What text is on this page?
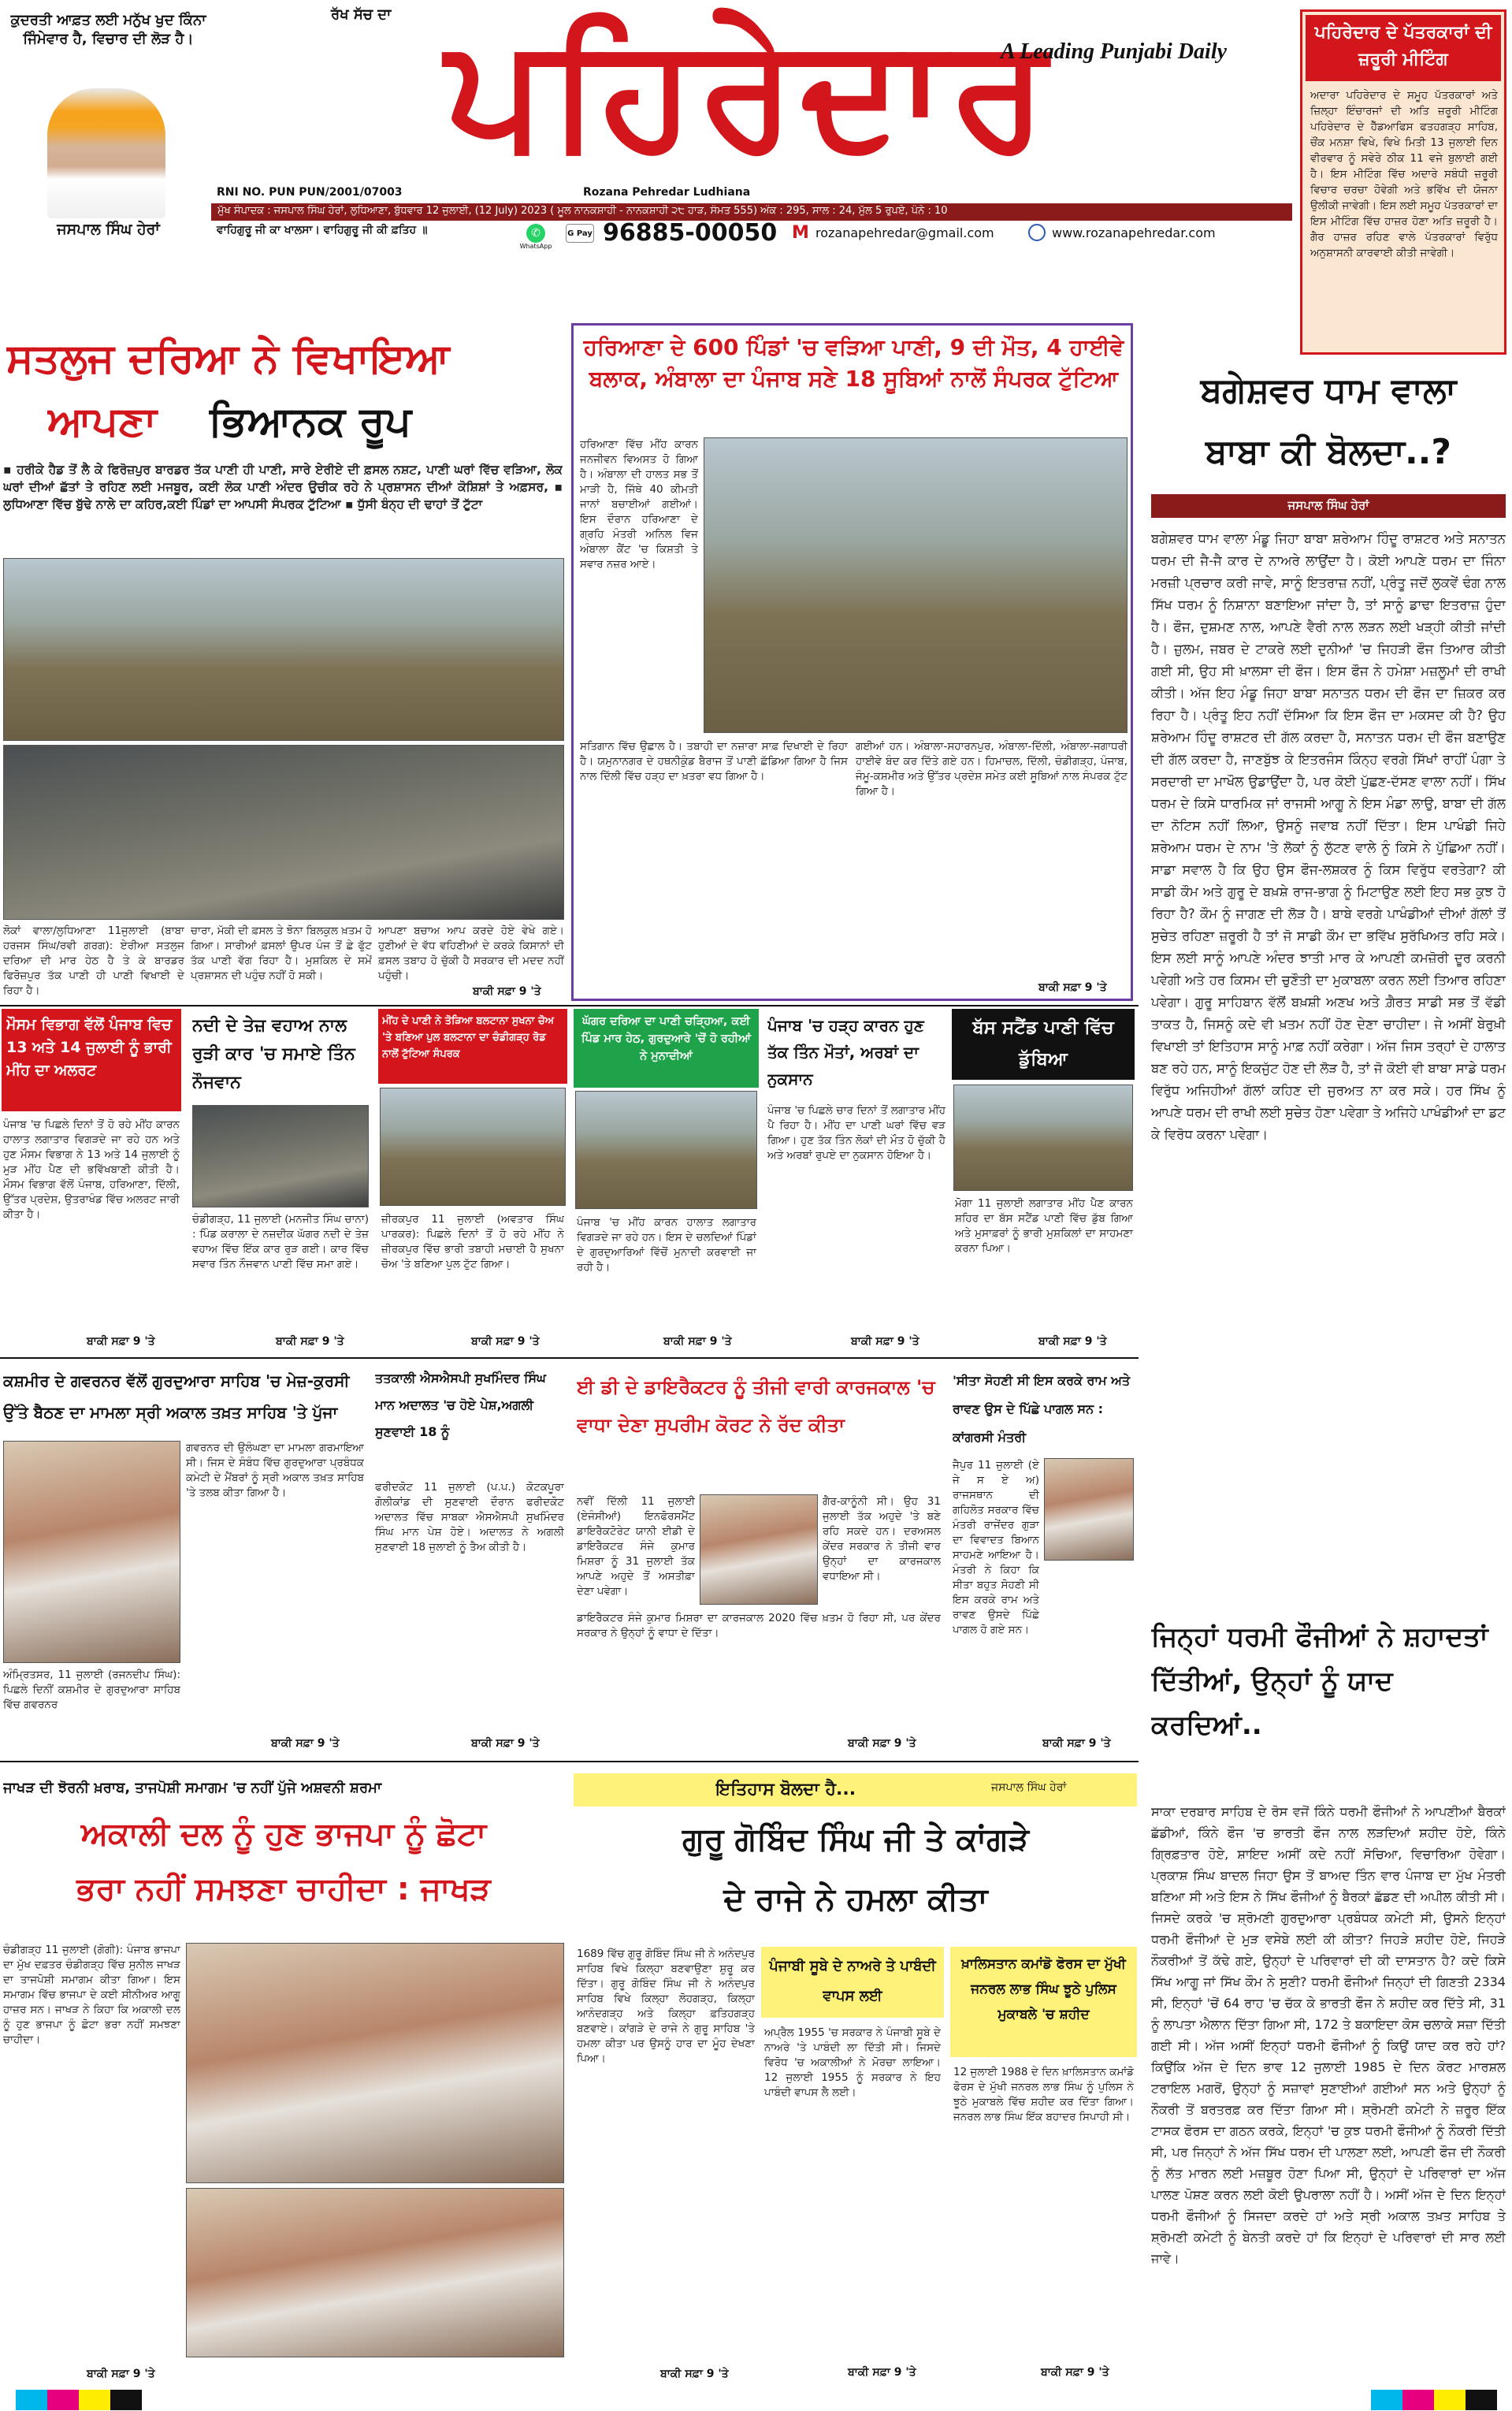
ਕੁਦਰਤੀ ਆਫ਼ਤ ਲਈ ਮਨੁੱਖ ਖੁਦ ਕਿੰਨਾ ਜਿੰਮੇਵਾਰ ਹੈ, ਵਿਚਾਰ ਦੀ ਲੋੜ ਹੈ।
ਜਸਪਾਲ ਸਿੰਘ ਹੇਰਾਂ
ਰੱਖ ਸੱਚ ਦਾ ਪਹਿਰੇਦਾਰ
A Leading Punjabi Daily
RNI NO. PUN PUN/2001/07003	Rozana Pehredar Ludhiana
ਮੁੱਖ ਸੰਪਾਦਕ : ਜਸਪਾਲ ਸਿੰਘ ਹੇਰਾਂ, ਲੁਧਿਆਣਾ, ਬੁੱਧਵਾਰ 12 ਜੁਲਾਈ, (12 July) 2023 ( ਮੂਲ ਨਾਨਕਸ਼ਾਹੀ - ਨਾਨਕਸ਼ਾਹੀ ੨੮ ਹਾੜ, ਸੰਮਤ 555) ਅੰਕ : 295, ਸਾਲ : 24, ਮੁੱਲ 5 ਰੁਪਏ, ਪੰਨੇ : 10
ਵਾਹਿਗੁਰੂ ਜੀ ਕਾ ਖਾਲਸਾ। ਵਾਹਿਗੁਰੂ ਜੀ ਕੀ ਫ਼ਤਿਹ ॥	✆
WhatsApp
G Pay 96885-00050 M rozanapehredar@gmail.com	www.rozanapehredar.com
ਪਹਿਰੇਦਾਰ ਦੇ ਪੱਤਰਕਾਰਾਂ ਦੀ ਜ਼ਰੂਰੀ ਮੀਟਿੰਗ
ਅਦਾਰਾ ਪਹਿਰੇਦਾਰ ਦੇ ਸਮੂਹ ਪੱਤਰਕਾਰਾਂ ਅਤੇ ਜ਼ਿਲ੍ਹਾ ਇੰਚਾਰਜਾਂ ਦੀ ਅਤਿ ਜ਼ਰੂਰੀ ਮੀਟਿੰਗ ਪਹਿਰੇਦਾਰ ਦੇ ਹੈੱਡਆਫਿਸ ਫਤਹਗੜ੍ਹ ਸਾਹਿਬ, ਚੌਂਕ ਮਨਸ਼ਾ ਵਿਖੇ, ਵਿਖੇ ਮਿਤੀ 13 ਜੁਲਾਈ ਦਿਨ ਵੀਰਵਾਰ ਨੂੰ ਸਵੇਰੇ ਠੀਕ 11 ਵਜੇ ਬੁਲਾਈ ਗਈ ਹੈ। ਇਸ ਮੀਟਿੰਗ ਵਿੱਚ ਅਦਾਰੇ ਸਬੰਧੀ ਜ਼ਰੂਰੀ ਵਿਚਾਰ ਚਰਚਾ ਹੋਵੇਗੀ ਅਤੇ ਭਵਿੱਖ ਦੀ ਯੋਜਨਾ ਉਲੀਕੀ ਜਾਵੇਗੀ। ਇਸ ਲਈ ਸਮੂਹ ਪੱਤਰਕਾਰਾਂ ਦਾ ਇਸ ਮੀਟਿੰਗ ਵਿੱਚ ਹਾਜ਼ਰ ਹੋਣਾ ਅਤਿ ਜ਼ਰੂਰੀ ਹੈ। ਗੈਰ ਹਾਜ਼ਰ ਰਹਿਣ ਵਾਲੇ ਪੱਤਰਕਾਰਾਂ ਵਿਰੁੱਧ ਅਨੁਸ਼ਾਸਨੀ ਕਾਰਵਾਈ ਕੀਤੀ ਜਾਵੇਗੀ।
ਸਤਲੁਜ ਦਰਿਆ ਨੇ ਵਿਖਾਇਆ
ਆਪਣਾ	ਭਿਆਨਕ ਰੂਪ
▪ ਹਰੀਕੇ ਹੈਡ ਤੋਂ ਲੈ ਕੇ ਫਿਰੋਜ਼ਪੁਰ ਬਾਰਡਰ ਤੱਕ ਪਾਣੀ ਹੀ ਪਾਣੀ, ਸਾਰੇ ਏਰੀਏ ਦੀ ਫ਼ਸਲ ਨਸ਼ਟ, ਪਾਣੀ ਘਰਾਂ ਵਿੱਚ ਵੜਿਆ, ਲੋਕ ਘਰਾਂ ਦੀਆਂ ਛੱਤਾਂ ਤੇ ਰਹਿਣ ਲਈ ਮਜਬੂਰ, ਕਈ ਲੋਕ ਪਾਣੀ ਅੰਦਰ ਉਚੀਕ ਰਹੇ ਨੇ ਪ੍ਰਸ਼ਾਸਨ ਦੀਆਂ ਕੋਸ਼ਿਸ਼ਾਂ ਤੇ ਅਫ਼ਸਰ, ▪ ਲੁਧਿਆਣਾ ਵਿੱਚ ਬੁੱਢੇ ਨਾਲੇ ਦਾ ਕਹਿਰ,ਕਈ ਪਿੰਡਾਂ ਦਾ ਆਪਸੀ ਸੰਪਰਕ ਟੁੱਟਿਆ ▪ ਧੁੱਸੀ ਬੰਨ੍ਹ ਦੀ ਢਾਹਾਂ ਤੋਂ ਟੁੱਟਾ
ਲੋਕਾਂ ਵਾਲਾ/ਲੁਧਿਆਣਾ 11ਜੁਲਾਈ (ਬਾਬਾ ਹਰਜਸ ਸਿੰਘ/ਰਵੀ ਗਰਗ): ਏਰੀਆ ਸਤਲੁਜ ਦਰਿਆ ਦੀ ਮਾਰ ਹੇਠ ਹੈ ਤੇ ਕੇ ਬਾਰਡਰ ਫਿਰੋਜ਼ਪੁਰ ਤੱਕ ਪਾਣੀ ਹੀ ਪਾਣੀ ਵਿਖਾਈ ਦੇ ਰਿਹਾ ਹੈ।
ਚਾਰਾ, ਮੱਕੀ ਦੀ ਫ਼ਸਲ ਤੇ ਝੋਨਾ ਬਿਲਕੁਲ ਖ਼ਤਮ ਹੋ ਗਿਆ। ਸਾਰੀਆਂ ਫ਼ਸਲਾਂ ਉਪਰ ਪੰਜ ਤੋਂ ਛੇ ਫੁੱਟ ਤੱਕ ਪਾਣੀ ਵੱਗ ਰਿਹਾ ਹੈ। ਮੁਸ਼ਕਿਲ ਦੇ ਸਮੇਂ ਪ੍ਰਸ਼ਾਸਨ ਦੀ ਪਹੁੰਚ ਨਹੀਂ ਹੋ ਸਕੀ।
ਆਪਣਾ ਬਚਾਅ ਆਪ ਕਰਦੇ ਹੋਏ ਵੇਖੇ ਗਏ। ਹੁਣੀਆਂ ਦੇ ਵੱਧ ਵਹਿਣੀਆਂ ਦੇ ਕਰਕੇ ਕਿਸਾਨਾਂ ਦੀ ਫ਼ਸਲ ਤਬਾਹ ਹੋ ਚੁੱਕੀ ਹੈ ਸਰਕਾਰ ਦੀ ਮਦਦ ਨਹੀਂ ਪਹੁੰਚੀ।
ਬਾਕੀ ਸਫ਼ਾ 9 'ਤੇ
ਹਰਿਆਣਾ ਦੇ 600 ਪਿੰਡਾਂ 'ਚ ਵੜਿਆ ਪਾਣੀ, 9 ਦੀ ਮੌਤ, 4 ਹਾਈਵੇ ਬਲਾਕ, ਅੰਬਾਲਾ ਦਾ ਪੰਜਾਬ ਸਣੇ 18 ਸੂਬਿਆਂ ਨਾਲੋਂ ਸੰਪਰਕ ਟੁੱਟਿਆ
ਹਰਿਆਣਾ ਵਿੱਚ ਮੀਂਹ ਕਾਰਨ ਜਨਜੀਵਨ ਵਿਅਸਤ ਹੋ ਗਿਆ ਹੈ। ਅੰਬਾਲਾ ਦੀ ਹਾਲਤ ਸਭ ਤੋਂ ਮਾੜੀ ਹੈ, ਜਿੱਥੇ 40 ਕੀਮਤੀ ਜਾਨਾਂ ਬਚਾਈਆਂ ਗਈਆਂ। ਇਸ ਦੌਰਾਨ ਹਰਿਆਣਾ ਦੇ ਗ੍ਰਹਿ ਮੰਤਰੀ ਅਨਿਲ ਵਿਜ ਅੰਬਾਲਾ ਕੈਂਟ 'ਚ ਕਿਸ਼ਤੀ ਤੇ ਸਵਾਰ ਨਜ਼ਰ ਆਏ।
ਸਤਿਗਾਨ ਵਿੱਚ ਉਛਾਲ ਹੈ। ਤਬਾਹੀ ਦਾ ਨਜ਼ਾਰਾ ਸਾਫ਼ ਦਿਖਾਈ ਦੇ ਰਿਹਾ ਹੈ। ਯਮੁਨਾਨਗਰ ਦੇ ਹਥਨੀਕੁੰਡ ਬੈਰਾਜ ਤੋਂ ਪਾਣੀ ਛੱਡਿਆ ਗਿਆ ਹੈ ਜਿਸ ਨਾਲ ਦਿੱਲੀ ਵਿੱਚ ਹੜ੍ਹ ਦਾ ਖ਼ਤਰਾ ਵਧ ਗਿਆ ਹੈ।
ਗਈਆਂ ਹਨ। ਅੰਬਾਲਾ-ਸਹਾਰਨਪੁਰ, ਅੰਬਾਲਾ-ਦਿੱਲੀ, ਅੰਬਾਲਾ-ਜਗਾਧਰੀ ਹਾਈਵੇ ਬੰਦ ਕਰ ਦਿੱਤੇ ਗਏ ਹਨ। ਹਿਮਾਚਲ, ਦਿੱਲੀ, ਚੰਡੀਗੜ੍ਹ, ਪੰਜਾਬ, ਜੰਮੂ-ਕਸ਼ਮੀਰ ਅਤੇ ਉੱਤਰ ਪ੍ਰਦੇਸ਼ ਸਮੇਤ ਕਈ ਸੂਬਿਆਂ ਨਾਲ ਸੰਪਰਕ ਟੁੱਟ ਗਿਆ ਹੈ।
ਬਾਕੀ ਸਫ਼ਾ 9 'ਤੇ
ਬਗੇਸ਼ਵਰ ਧਾਮ ਵਾਲਾ
ਬਾਬਾ ਕੀ ਬੋਲਦਾ..?
ਜਸਪਾਲ ਸਿੰਘ ਹੇਰਾਂ
ਬਗੇਸ਼ਵਰ ਧਾਮ ਵਾਲਾ ਮੰਡੂ ਜਿਹਾ ਬਾਬਾ ਸ਼ਰੇਆਮ ਹਿੰਦੂ ਰਾਸ਼ਟਰ ਅਤੇ ਸਨਾਤਨ ਧਰਮ ਦੀ ਜੈ-ਜੈ ਕਾਰ ਦੇ ਨਾਅਰੇ ਲਾਉਂਦਾ ਹੈ। ਕੋਈ ਆਪਣੇ ਧਰਮ ਦਾ ਜਿੰਨਾ ਮਰਜ਼ੀ ਪ੍ਰਚਾਰ ਕਰੀ ਜਾਵੇ, ਸਾਨੂੰ ਇਤਰਾਜ਼ ਨਹੀਂ, ਪ੍ਰੰਤੂ ਜਦੋਂ ਲੁਕਵੇਂ ਢੰਗ ਨਾਲ ਸਿੱਖ ਧਰਮ ਨੂੰ ਨਿਸ਼ਾਨਾ ਬਣਾਇਆ ਜਾਂਦਾ ਹੈ, ਤਾਂ ਸਾਨੂੰ ਡਾਢਾ ਇਤਰਾਜ਼ ਹੁੰਦਾ ਹੈ। ਫੌਜ, ਦੁਸ਼ਮਣ ਨਾਲ, ਆਪਣੇ ਵੈਰੀ ਨਾਲ ਲੜਨ ਲਈ ਖੜ੍ਹੀ ਕੀਤੀ ਜਾਂਦੀ ਹੈ। ਜ਼ੁਲਮ, ਜਬਰ ਦੇ ਟਾਕਰੇ ਲਈ ਦੁਨੀਆਂ 'ਚ ਜਿਹੜੀ ਫੌਜ ਤਿਆਰ ਕੀਤੀ ਗਈ ਸੀ, ਉਹ ਸੀ ਖ਼ਾਲਸਾ ਦੀ ਫੌਜ। ਇਸ ਫੌਜ ਨੇ ਹਮੇਸ਼ਾ ਮਜ਼ਲੂਮਾਂ ਦੀ ਰਾਖੀ ਕੀਤੀ। ਅੱਜ ਇਹ ਮੰਡੂ ਜਿਹਾ ਬਾਬਾ ਸਨਾਤਨ ਧਰਮ ਦੀ ਫੌਜ ਦਾ ਜ਼ਿਕਰ ਕਰ ਰਿਹਾ ਹੈ। ਪ੍ਰੰਤੂ ਇਹ ਨਹੀਂ ਦੱਸਿਆ ਕਿ ਇਸ ਫੌਜ ਦਾ ਮਕਸਦ ਕੀ ਹੈ? ਉਹ ਸ਼ਰੇਆਮ ਹਿੰਦੂ ਰਾਸ਼ਟਰ ਦੀ ਗੱਲ ਕਰਦਾ ਹੈ, ਸਨਾਤਨ ਧਰਮ ਦੀ ਫੌਜ ਬਣਾਉਣ ਦੀ ਗੱਲ ਕਰਦਾ ਹੈ, ਜਾਣਬੁੱਝ ਕੇ ਇਤਰਜੰਸ ਕਿੰਨ੍ਹ ਵਰਗੇ ਸਿੱਖਾਂ ਰਾਹੀਂ ਪੰਗਾ ਤੇ ਸਰਦਾਰੀ ਦਾ ਮਾਖੌਲ ਉਡਾਉਂਦਾ ਹੈ, ਪਰ ਕੋਈ ਪੁੱਛਣ-ਦੱਸਣ ਵਾਲਾ ਨਹੀਂ। ਸਿੱਖ ਧਰਮ ਦੇ ਕਿਸੇ ਧਾਰਮਿਕ ਜਾਂ ਰਾਜਸੀ ਆਗੂ ਨੇ ਇਸ ਮੰਡਾ ਲਾਉ, ਬਾਬਾ ਦੀ ਗੱਲ ਦਾ ਨੋਟਿਸ ਨਹੀਂ ਲਿਆ, ਉਸਨੂੰ ਜਵਾਬ ਨਹੀਂ ਦਿੱਤਾ। ਇਸ ਪਾਖੰਡੀ ਜਿਹੇ ਸ਼ਰੇਆਮ ਧਰਮ ਦੇ ਨਾਮ 'ਤੇ ਲੋਕਾਂ ਨੂੰ ਲੁੱਟਣ ਵਾਲੇ ਨੂੰ ਕਿਸੇ ਨੇ ਪੁੱਛਿਆ ਨਹੀਂ। ਸਾਡਾ ਸਵਾਲ ਹੈ ਕਿ ਉਹ ਉਸ ਫੌਜ-ਲਸ਼ਕਰ ਨੂੰ ਕਿਸ ਵਿਰੁੱਧ ਵਰਤੇਗਾ? ਕੀ ਸਾਡੀ ਕੌਮ ਅਤੇ ਗੁਰੂ ਦੇ ਬਖ਼ਸ਼ੇ ਰਾਜ-ਭਾਗ ਨੂੰ ਮਿਟਾਉਣ ਲਈ ਇਹ ਸਭ ਕੁਝ ਹੋ ਰਿਹਾ ਹੈ? ਕੌਮ ਨੂੰ ਜਾਗਣ ਦੀ ਲੋੜ ਹੈ। ਬਾਬੇ ਵਰਗੇ ਪਾਖੰਡੀਆਂ ਦੀਆਂ ਗੱਲਾਂ ਤੋਂ ਸੁਚੇਤ ਰਹਿਣਾ ਜ਼ਰੂਰੀ ਹੈ ਤਾਂ ਜੋ ਸਾਡੀ ਕੌਮ ਦਾ ਭਵਿੱਖ ਸੁਰੱਖਿਅਤ ਰਹਿ ਸਕੇ। ਇਸ ਲਈ ਸਾਨੂੰ ਆਪਣੇ ਅੰਦਰ ਝਾਤੀ ਮਾਰ ਕੇ ਆਪਣੀ ਕਮਜ਼ੋਰੀ ਦੂਰ ਕਰਨੀ ਪਵੇਗੀ ਅਤੇ ਹਰ ਕਿਸਮ ਦੀ ਚੁਣੌਤੀ ਦਾ ਮੁਕਾਬਲਾ ਕਰਨ ਲਈ ਤਿਆਰ ਰਹਿਣਾ ਪਵੇਗਾ। ਗੁਰੂ ਸਾਹਿਬਾਨ ਵੱਲੋਂ ਬਖ਼ਸ਼ੀ ਅਣਖ ਅਤੇ ਗ਼ੈਰਤ ਸਾਡੀ ਸਭ ਤੋਂ ਵੱਡੀ ਤਾਕਤ ਹੈ, ਜਿਸਨੂੰ ਕਦੇ ਵੀ ਖ਼ਤਮ ਨਹੀਂ ਹੋਣ ਦੇਣਾ ਚਾਹੀਦਾ। ਜੇ ਅਸੀਂ ਬੇਰੁਖ਼ੀ ਵਿਖਾਈ ਤਾਂ ਇਤਿਹਾਸ ਸਾਨੂੰ ਮਾਫ਼ ਨਹੀਂ ਕਰੇਗਾ। ਅੱਜ ਜਿਸ ਤਰ੍ਹਾਂ ਦੇ ਹਾਲਾਤ ਬਣ ਰਹੇ ਹਨ, ਸਾਨੂੰ ਇਕਜੁੱਟ ਹੋਣ ਦੀ ਲੋੜ ਹੈ, ਤਾਂ ਜੋ ਕੋਈ ਵੀ ਬਾਬਾ ਸਾਡੇ ਧਰਮ ਵਿਰੁੱਧ ਅਜਿਹੀਆਂ ਗੱਲਾਂ ਕਹਿਣ ਦੀ ਜੁਰਅਤ ਨਾ ਕਰ ਸਕੇ। ਹਰ ਸਿੱਖ ਨੂੰ ਆਪਣੇ ਧਰਮ ਦੀ ਰਾਖੀ ਲਈ ਸੁਚੇਤ ਹੋਣਾ ਪਵੇਗਾ ਤੇ ਅਜਿਹੇ ਪਾਖੰਡੀਆਂ ਦਾ ਡਟ ਕੇ ਵਿਰੋਧ ਕਰਨਾ ਪਵੇਗਾ।
ਮੌਸਮ ਵਿਭਾਗ ਵੱਲੋਂ ਪੰਜਾਬ ਵਿਚ 13 ਅਤੇ 14 ਜੁਲਾਈ ਨੂੰ ਭਾਰੀ ਮੀਂਹ ਦਾ ਅਲਰਟ
ਪੰਜਾਬ 'ਚ ਪਿਛਲੇ ਦਿਨਾਂ ਤੋਂ ਹੋ ਰਹੇ ਮੀਂਹ ਕਾਰਨ ਹਾਲਾਤ ਲਗਾਤਾਰ ਵਿਗੜਦੇ ਜਾ ਰਹੇ ਹਨ ਅਤੇ ਹੁਣ ਮੌਸਮ ਵਿਭਾਗ ਨੇ 13 ਅਤੇ 14 ਜੁਲਾਈ ਨੂੰ ਮੁੜ ਮੀਂਹ ਪੈਣ ਦੀ ਭਵਿੱਖਬਾਣੀ ਕੀਤੀ ਹੈ। ਮੌਸਮ ਵਿਭਾਗ ਵੱਲੋਂ ਪੰਜਾਬ, ਹਰਿਆਣਾ, ਦਿੱਲੀ, ਉੱਤਰ ਪ੍ਰਦੇਸ਼, ਉਤਰਾਖੰਡ ਵਿੱਚ ਅਲਰਟ ਜਾਰੀ ਕੀਤਾ ਹੈ।
ਬਾਕੀ ਸਫ਼ਾ 9 'ਤੇ
ਨਦੀ ਦੇ ਤੇਜ਼ ਵਹਾਅ ਨਾਲ ਰੁੜੀ ਕਾਰ 'ਚ ਸਮਾਏ ਤਿੰਨ ਨੌਜਵਾਨ
ਚੰਡੀਗੜ੍ਹ, 11 ਜੁਲਾਈ (ਮਨਜੀਤ ਸਿੰਘ ਚਾਨਾ) : ਪਿੰਡ ਕਰਾਲਾ ਦੇ ਨਜ਼ਦੀਕ ਘੱਗਰ ਨਦੀ ਦੇ ਤੇਜ਼ ਵਹਾਅ ਵਿੱਚ ਇੱਕ ਕਾਰ ਰੁੜ ਗਈ। ਕਾਰ ਵਿੱਚ ਸਵਾਰ ਤਿੰਨ ਨੌਜਵਾਨ ਪਾਣੀ ਵਿੱਚ ਸਮਾ ਗਏ।
ਬਾਕੀ ਸਫ਼ਾ 9 'ਤੇ
ਮੀਂਹ ਦੇ ਪਾਣੀ ਨੇ ਤੋੜਿਆ ਬਲਟਾਨਾ ਸੁਖਨਾ ਚੋਅ 'ਤੇ ਬਣਿਆ ਪੁਲ ਬਲਟਾਨਾ ਦਾ ਚੰਡੀਗੜ੍ਹ ਰੋਡ ਨਾਲੋਂ ਟੁੱਟਿਆ ਸੰਪਰਕ
ਜ਼ੀਰਕਪੁਰ 11 ਜੁਲਾਈ (ਅਵਤਾਰ ਸਿੰਘ ਪਾਰਕਰ): ਪਿਛਲੇ ਦਿਨਾਂ ਤੋਂ ਹੋ ਰਹੇ ਮੀਂਹ ਨੇ ਜ਼ੀਰਕਪੁਰ ਵਿੱਚ ਭਾਰੀ ਤਬਾਹੀ ਮਚਾਈ ਹੈ ਸੁਖਨਾ ਚੋਅ 'ਤੇ ਬਣਿਆ ਪੁਲ ਟੁੱਟ ਗਿਆ।
ਬਾਕੀ ਸਫ਼ਾ 9 'ਤੇ
ਘੱਗਰ ਦਰਿਆ ਦਾ ਪਾਣੀ ਚੜ੍ਹਿਆ, ਕਈ ਪਿੰਡ ਮਾਰ ਹੇਠ, ਗੁਰਦੁਆਰੇ 'ਚੋਂ ਹੋ ਰਹੀਆਂ ਨੇ ਮੁਨਾਦੀਆਂ
ਪੰਜਾਬ 'ਚ ਮੀਂਹ ਕਾਰਨ ਹਾਲਾਤ ਲਗਾਤਾਰ ਵਿਗੜਦੇ ਜਾ ਰਹੇ ਹਨ। ਇਸ ਦੇ ਚਲਦਿਆਂ ਪਿੰਡਾਂ ਦੇ ਗੁਰਦੁਆਰਿਆਂ ਵਿੱਚੋਂ ਮੁਨਾਦੀ ਕਰਵਾਈ ਜਾ ਰਹੀ ਹੈ।
ਬਾਕੀ ਸਫ਼ਾ 9 'ਤੇ
ਪੰਜਾਬ 'ਚ ਹੜ੍ਹ ਕਾਰਨ ਹੁਣ ਤੱਕ ਤਿੰਨ ਮੌਤਾਂ, ਅਰਬਾਂ ਦਾ ਨੁਕਸਾਨ
ਪੰਜਾਬ 'ਚ ਪਿਛਲੇ ਚਾਰ ਦਿਨਾਂ ਤੋਂ ਲਗਾਤਾਰ ਮੀਂਹ ਪੈ ਰਿਹਾ ਹੈ। ਮੀਂਹ ਦਾ ਪਾਣੀ ਘਰਾਂ ਵਿੱਚ ਵੜ ਗਿਆ। ਹੁਣ ਤੱਕ ਤਿੰਨ ਲੋਕਾਂ ਦੀ ਮੌਤ ਹੋ ਚੁੱਕੀ ਹੈ ਅਤੇ ਅਰਬਾਂ ਰੁਪਏ ਦਾ ਨੁਕਸਾਨ ਹੋਇਆ ਹੈ।
ਬਾਕੀ ਸਫ਼ਾ 9 'ਤੇ
ਬੱਸ ਸਟੈਂਡ ਪਾਣੀ ਵਿੱਚ ਡੁੱਬਿਆ
ਮੋਗਾ 11 ਜੁਲਾਈ ਲਗਾਤਾਰ ਮੀਂਹ ਪੈਣ ਕਾਰਨ ਸ਼ਹਿਰ ਦਾ ਬੱਸ ਸਟੈਂਡ ਪਾਣੀ ਵਿੱਚ ਡੁੱਬ ਗਿਆ ਅਤੇ ਮੁਸਾਫ਼ਰਾਂ ਨੂੰ ਭਾਰੀ ਮੁਸ਼ਕਿਲਾਂ ਦਾ ਸਾਹਮਣਾ ਕਰਨਾ ਪਿਆ।
ਬਾਕੀ ਸਫ਼ਾ 9 'ਤੇ
ਕਸ਼ਮੀਰ ਦੇ ਗਵਰਨਰ ਵੱਲੋਂ ਗੁਰਦੁਆਰਾ ਸਾਹਿਬ 'ਚ ਮੇਜ਼-ਕੁਰਸੀ ਉੱਤੇ ਬੈਠਣ ਦਾ ਮਾਮਲਾ ਸ੍ਰੀ ਅਕਾਲ ਤਖ਼ਤ ਸਾਹਿਬ 'ਤੇ ਪੁੱਜਾ
ਅੰਮ੍ਰਿਤਸਰ, 11 ਜੁਲਾਈ (ਰਜਨਦੀਪ ਸਿੰਘ): ਪਿਛਲੇ ਦਿਨੀਂ ਕਸ਼ਮੀਰ ਦੇ ਗੁਰਦੁਆਰਾ ਸਾਹਿਬ ਵਿੱਚ ਗਵਰਨਰ
ਗਵਰਨਰ ਦੀ ਉਲੰਘਣਾ ਦਾ ਮਾਮਲਾ ਗਰਮਾਇਆ ਸੀ। ਜਿਸ ਦੇ ਸੰਬੰਧ ਵਿੱਚ ਗੁਰਦੁਆਰਾ ਪ੍ਰਬੰਧਕ ਕਮੇਟੀ ਦੇ ਮੈਂਬਰਾਂ ਨੂੰ ਸ੍ਰੀ ਅਕਾਲ ਤਖ਼ਤ ਸਾਹਿਬ 'ਤੇ ਤਲਬ ਕੀਤਾ ਗਿਆ ਹੈ।
ਬਾਕੀ ਸਫ਼ਾ 9 'ਤੇ
ਤਤਕਾਲੀ ਐਸਐਸਪੀ ਸੁਖਮਿੰਦਰ ਸਿੰਘ ਮਾਨ ਅਦਾਲਤ 'ਚ ਹੋਏ ਪੇਸ਼,ਅਗਲੀ ਸੁਣਵਾਈ 18 ਨੂੰ
ਫਰੀਦਕੋਟ 11 ਜੁਲਾਈ (ਪ.ਪ.) ਕੋਟਕਪੂਰਾ ਗੋਲੀਕਾਂਡ ਦੀ ਸੁਣਵਾਈ ਦੌਰਾਨ ਫਰੀਦਕੋਟ ਅਦਾਲਤ ਵਿੱਚ ਸਾਬਕਾ ਐਸਐਸਪੀ ਸੁਖਮਿੰਦਰ ਸਿੰਘ ਮਾਨ ਪੇਸ਼ ਹੋਏ। ਅਦਾਲਤ ਨੇ ਅਗਲੀ ਸੁਣਵਾਈ 18 ਜੁਲਾਈ ਨੂੰ ਤੈਅ ਕੀਤੀ ਹੈ।
ਬਾਕੀ ਸਫ਼ਾ 9 'ਤੇ
ਈ ਡੀ ਦੇ ਡਾਇਰੈਕਟਰ ਨੂੰ ਤੀਜੀ ਵਾਰੀ ਕਾਰਜਕਾਲ 'ਚ ਵਾਧਾ ਦੇਣਾ ਸੁਪਰੀਮ ਕੋਰਟ ਨੇ ਰੱਦ ਕੀਤਾ
ਨਵੀਂ ਦਿੱਲੀ 11 ਜੁਲਾਈ (ਏਜੰਸੀਆਂ) ਇਨਫੋਰਸਮੈਂਟ ਡਾਇਰੈਕਟੋਰੇਟ ਯਾਨੀ ਈਡੀ ਦੇ ਡਾਇਰੈਕਟਰ ਸੰਜੇ ਕੁਮਾਰ ਮਿਸ਼ਰਾ ਨੂੰ 31 ਜੁਲਾਈ ਤੱਕ ਆਪਣੇ ਅਹੁਦੇ ਤੋਂ ਅਸਤੀਫ਼ਾ ਦੇਣਾ ਪਵੇਗਾ।
ਗੈਰ-ਕਾਨੂੰਨੀ ਸੀ। ਉਹ 31 ਜੁਲਾਈ ਤੱਕ ਅਹੁਦੇ 'ਤੇ ਬਣੇ ਰਹਿ ਸਕਦੇ ਹਨ। ਦਰਅਸਲ ਕੇਂਦਰ ਸਰਕਾਰ ਨੇ ਤੀਜੀ ਵਾਰ ਉਨ੍ਹਾਂ ਦਾ ਕਾਰਜਕਾਲ ਵਧਾਇਆ ਸੀ।
ਡਾਇਰੈਕਟਰ ਸੰਜੇ ਕੁਮਾਰ ਮਿਸ਼ਰਾ ਦਾ ਕਾਰਜਕਾਲ 2020 ਵਿੱਚ ਖ਼ਤਮ ਹੋ ਰਿਹਾ ਸੀ, ਪਰ ਕੇਂਦਰ ਸਰਕਾਰ ਨੇ ਉਨ੍ਹਾਂ ਨੂੰ ਵਾਧਾ ਦੇ ਦਿੱਤਾ।
ਬਾਕੀ ਸਫ਼ਾ 9 'ਤੇ
'ਸੀਤਾ ਸੋਹਣੀ ਸੀ ਇਸ ਕਰਕੇ ਰਾਮ ਅਤੇ ਰਾਵਣ ਉਸ ਦੇ ਪਿੱਛੇ ਪਾਗਲ ਸਨ : ਕਾਂਗਰਸੀ ਮੰਤਰੀ
ਜੈਪੁਰ 11 ਜੁਲਾਈ (ਏ ਜੇ ਸ ਏ ਅ) ਰਾਜਸਥਾਨ ਦੀ ਗਹਿਲੋਤ ਸਰਕਾਰ ਵਿੱਚ ਮੰਤਰੀ ਰਾਜੇਂਦਰ ਗੁੜਾ ਦਾ ਵਿਵਾਦਤ ਬਿਆਨ ਸਾਹਮਣੇ ਆਇਆ ਹੈ। ਮੰਤਰੀ ਨੇ ਕਿਹਾ ਕਿ ਸੀਤਾ ਬਹੁਤ ਸੋਹਣੀ ਸੀ ਇਸ ਕਰਕੇ ਰਾਮ ਅਤੇ ਰਾਵਣ ਉਸਦੇ ਪਿੱਛੇ ਪਾਗਲ ਹੋ ਗਏ ਸਨ।
ਬਾਕੀ ਸਫ਼ਾ 9 'ਤੇ
ਜਿਨ੍ਹਾਂ ਧਰਮੀ ਫੌਜੀਆਂ ਨੇ ਸ਼ਹਾਦਤਾਂ ਦਿੱਤੀਆਂ, ਉਨ੍ਹਾਂ ਨੂੰ ਯਾਦ ਕਰਦਿਆਂ..
ਸਾਕਾ ਦਰਬਾਰ ਸਾਹਿਬ ਦੇ ਰੋਸ ਵਜੋਂ ਕਿੰਨੇ ਧਰਮੀ ਫੌਜੀਆਂ ਨੇ ਆਪਣੀਆਂ ਬੈਰਕਾਂ ਛੱਡੀਆਂ, ਕਿੰਨੇ ਫੌਜ 'ਚ ਭਾਰਤੀ ਫੌਜ ਨਾਲ ਲੜਦਿਆਂ ਸ਼ਹੀਦ ਹੋਏ, ਕਿੰਨੇ ਗ੍ਰਿਫ਼ਤਾਰ ਹੋਏ, ਸ਼ਾਇਦ ਅਸੀਂ ਕਦੇ ਨਹੀਂ ਸੋਚਿਆ, ਵਿਚਾਰਿਆ ਹੋਵੇਗਾ। ਪ੍ਰਕਾਸ਼ ਸਿੰਘ ਬਾਦਲ ਜਿਹਾ ਉਸ ਤੋਂ ਬਾਅਦ ਤਿੰਨ ਵਾਰ ਪੰਜਾਬ ਦਾ ਮੁੱਖ ਮੰਤਰੀ ਬਣਿਆ ਸੀ ਅਤੇ ਇਸ ਨੇ ਸਿੱਖ ਫੌਜੀਆਂ ਨੂੰ ਬੈਰਕਾਂ ਛੱਡਣ ਦੀ ਅਪੀਲ ਕੀਤੀ ਸੀ। ਜਿਸਦੇ ਕਰਕੇ 'ਚ ਸ਼੍ਰੋਮਣੀ ਗੁਰਦੁਆਰਾ ਪ੍ਰਬੰਧਕ ਕਮੇਟੀ ਸੀ, ਉਸਨੇ ਇਨ੍ਹਾਂ ਧਰਮੀ ਫੌਜੀਆਂ ਦੇ ਮੁੜ ਵਸੇਬੇ ਲਈ ਕੀ ਕੀਤਾ? ਜਿਹੜੇ ਸ਼ਹੀਦ ਹੋਏ, ਜਿਹੜੇ ਨੌਕਰੀਆਂ ਤੋਂ ਕੱਢੇ ਗਏ, ਉਨ੍ਹਾਂ ਦੇ ਪਰਿਵਾਰਾਂ ਦੀ ਕੀ ਦਾਸਤਾਨ ਹੈ? ਕਦੇ ਕਿਸੇ ਸਿੱਖ ਆਗੂ ਜਾਂ ਸਿੱਖ ਕੌਮ ਨੇ ਸੁਣੀ? ਧਰਮੀ ਫੌਜੀਆਂ ਜਿਨ੍ਹਾਂ ਦੀ ਗਿਣਤੀ 2334 ਸੀ, ਇਨ੍ਹਾਂ 'ਚੋਂ 64 ਰਾਹ 'ਚ ਚੱਕ ਕੇ ਭਾਰਤੀ ਫੌਜ ਨੇ ਸ਼ਹੀਦ ਕਰ ਦਿੱਤੇ ਸੀ, 31 ਨੂੰ ਲਾਪਤਾ ਐਲਾਨ ਦਿੱਤਾ ਗਿਆ ਸੀ, 172 ਤੇ ਬਕਾਇਦਾ ਕੋਸ ਚਲਾਕੇ ਸਜ਼ਾ ਦਿੱਤੀ ਗਈ ਸੀ। ਅੱਜ ਅਸੀਂ ਇਨ੍ਹਾਂ ਧਰਮੀ ਫੌਜੀਆਂ ਨੂੰ ਕਿਉਂ ਯਾਦ ਕਰ ਰਹੇ ਹਾਂ? ਕਿਉਂਕਿ ਅੱਜ ਦੇ ਦਿਨ ਭਾਵ 12 ਜੁਲਾਈ 1985 ਦੇ ਦਿਨ ਕੋਰਟ ਮਾਰਸ਼ਲ ਟਰਾਇਲ ਮਗਰੋਂ, ਉਨ੍ਹਾਂ ਨੂੰ ਸਜ਼ਾਵਾਂ ਸੁਣਾਈਆਂ ਗਈਆਂ ਸਨ ਅਤੇ ਉਨ੍ਹਾਂ ਨੂੰ ਨੌਕਰੀ ਤੋਂ ਬਰਤਰਫ਼ ਕਰ ਦਿੱਤਾ ਗਿਆ ਸੀ। ਸ਼੍ਰੋਮਣੀ ਕਮੇਟੀ ਨੇ ਜ਼ਰੂਰ ਇੱਕ ਟਾਸਕ ਫੋਰਸ ਦਾ ਗਠਨ ਕਰਕੇ, ਇਨ੍ਹਾਂ 'ਚ ਕੁਝ ਧਰਮੀ ਫੌਜੀਆਂ ਨੂੰ ਨੌਕਰੀ ਦਿੱਤੀ ਸੀ, ਪਰ ਜਿਨ੍ਹਾਂ ਨੇ ਅੱਜ ਸਿੱਖ ਧਰਮ ਦੀ ਪਾਲਣਾ ਲਈ, ਆਪਣੀ ਫੌਜ ਦੀ ਨੌਕਰੀ ਨੂੰ ਲੱਤ ਮਾਰਨ ਲਈ ਮਜ਼ਬੂਰ ਹੋਣਾ ਪਿਆ ਸੀ, ਉਨ੍ਹਾਂ ਦੇ ਪਰਿਵਾਰਾਂ ਦਾ ਅੱਜ ਪਾਲਣ ਪੋਸ਼ਣ ਕਰਨ ਲਈ ਕੋਈ ਉਪਰਾਲਾ ਨਹੀਂ ਹੈ। ਅਸੀਂ ਅੱਜ ਦੇ ਦਿਨ ਇਨ੍ਹਾਂ ਧਰਮੀ ਫੌਜੀਆਂ ਨੂੰ ਸਿਜਦਾ ਕਰਦੇ ਹਾਂ ਅਤੇ ਸ੍ਰੀ ਅਕਾਲ ਤਖ਼ਤ ਸਾਹਿਬ ਤੇ ਸ਼੍ਰੋਮਣੀ ਕਮੇਟੀ ਨੂੰ ਬੇਨਤੀ ਕਰਦੇ ਹਾਂ ਕਿ ਇਨ੍ਹਾਂ ਦੇ ਪਰਿਵਾਰਾਂ ਦੀ ਸਾਰ ਲਈ ਜਾਵੇ।
ਜਾਖੜ ਦੀ ਝੋਰਨੀ ਖ਼ਰਾਬ, ਤਾਜਪੋਸ਼ੀ ਸਮਾਗਮ 'ਚ ਨਹੀਂ ਪੁੱਜੇ ਅਸ਼ਵਨੀ ਸ਼ਰਮਾ
ਅਕਾਲੀ ਦਲ ਨੂੰ ਹੁਣ ਭਾਜਪਾ ਨੂੰ ਛੋਟਾ
ਭਰਾ ਨਹੀਂ ਸਮਝਣਾ ਚਾਹੀਦਾ : ਜਾਖੜ
ਚੰਡੀਗੜ੍ਹ 11 ਜੁਲਾਈ (ਗੋਗੀ): ਪੰਜਾਬ ਭਾਜਪਾ ਦਾ ਮੁੱਖ ਦਫ਼ਤਰ ਚੰਡੀਗੜ੍ਹ ਵਿੱਚ ਸੁਨੀਲ ਜਾਖੜ ਦਾ ਤਾਜਪੋਸ਼ੀ ਸਮਾਗਮ ਕੀਤਾ ਗਿਆ। ਇਸ ਸਮਾਗਮ ਵਿੱਚ ਭਾਜਪਾ ਦੇ ਕਈ ਸੀਨੀਅਰ ਆਗੂ ਹਾਜ਼ਰ ਸਨ। ਜਾਖੜ ਨੇ ਕਿਹਾ ਕਿ ਅਕਾਲੀ ਦਲ ਨੂੰ ਹੁਣ ਭਾਜਪਾ ਨੂੰ ਛੋਟਾ ਭਰਾ ਨਹੀਂ ਸਮਝਣਾ ਚਾਹੀਦਾ।
ਬਾਕੀ ਸਫ਼ਾ 9 'ਤੇ
ਇਤਿਹਾਸ ਬੋਲਦਾ ਹੈ...	ਜਸਪਾਲ ਸਿੰਘ ਹੇਰਾਂ
ਗੁਰੂ ਗੋਬਿੰਦ ਸਿੰਘ ਜੀ ਤੇ ਕਾਂਗੜੇ
ਦੇ ਰਾਜੇ ਨੇ ਹਮਲਾ ਕੀਤਾ
1689 ਵਿੱਚ ਗੁਰੂ ਗੋਬਿੰਦ ਸਿੰਘ ਜੀ ਨੇ ਅਨੰਦਪੁਰ ਸਾਹਿਬ ਵਿਖੇ ਕਿਲ੍ਹਾ ਬਣਵਾਉਣਾ ਸ਼ੁਰੂ ਕਰ ਦਿੱਤਾ। ਗੁਰੂ ਗੋਬਿੰਦ ਸਿੰਘ ਜੀ ਨੇ ਅਨੰਦਪੁਰ ਸਾਹਿਬ ਵਿਖੇ ਕਿਲ੍ਹਾ ਲੋਹਗੜ੍ਹ, ਕਿਲ੍ਹਾ ਆਨੰਦਗੜ੍ਹ ਅਤੇ ਕਿਲ੍ਹਾ ਫ਼ਤਿਹਗੜ੍ਹ ਬਣਵਾਏ। ਕਾਂਗੜੇ ਦੇ ਰਾਜੇ ਨੇ ਗੁਰੂ ਸਾਹਿਬ 'ਤੇ ਹਮਲਾ ਕੀਤਾ ਪਰ ਉਸਨੂੰ ਹਾਰ ਦਾ ਮੂੰਹ ਦੇਖਣਾ ਪਿਆ।
ਬਾਕੀ ਸਫ਼ਾ 9 'ਤੇ
ਪੰਜਾਬੀ ਸੂਬੇ ਦੇ ਨਾਅਰੇ ਤੇ ਪਾਬੰਦੀ ਵਾਪਸ ਲਈ
ਅਪ੍ਰੈਲ 1955 'ਚ ਸਰਕਾਰ ਨੇ ਪੰਜਾਬੀ ਸੂਬੇ ਦੇ ਨਾਅਰੇ 'ਤੇ ਪਾਬੰਦੀ ਲਾ ਦਿੱਤੀ ਸੀ। ਜਿਸਦੇ ਵਿਰੋਧ 'ਚ ਅਕਾਲੀਆਂ ਨੇ ਮੋਰਚਾ ਲਾਇਆ। 12 ਜੁਲਾਈ 1955 ਨੂੰ ਸਰਕਾਰ ਨੇ ਇਹ ਪਾਬੰਦੀ ਵਾਪਸ ਲੈ ਲਈ।
ਬਾਕੀ ਸਫ਼ਾ 9 'ਤੇ
ਖ਼ਾਲਿਸਤਾਨ ਕਮਾਂਡੋ ਫੋਰਸ ਦਾ ਮੁੱਖੀ ਜਨਰਲ ਲਾਭ ਸਿੰਘ ਝੂਠੇ ਪੁਲਿਸ ਮੁਕਾਬਲੇ 'ਚ ਸ਼ਹੀਦ
12 ਜੁਲਾਈ 1988 ਦੇ ਦਿਨ ਖ਼ਾਲਿਸਤਾਨ ਕਮਾਂਡੋ ਫੋਰਸ ਦੇ ਮੁੱਖੀ ਜਨਰਲ ਲਾਭ ਸਿੰਘ ਨੂੰ ਪੁਲਿਸ ਨੇ ਝੂਠੇ ਮੁਕਾਬਲੇ ਵਿੱਚ ਸ਼ਹੀਦ ਕਰ ਦਿੱਤਾ ਗਿਆ। ਜਨਰਲ ਲਾਭ ਸਿੰਘ ਇੱਕ ਬਹਾਦਰ ਸਿਪਾਹੀ ਸੀ।
ਬਾਕੀ ਸਫ਼ਾ 9 'ਤੇ
